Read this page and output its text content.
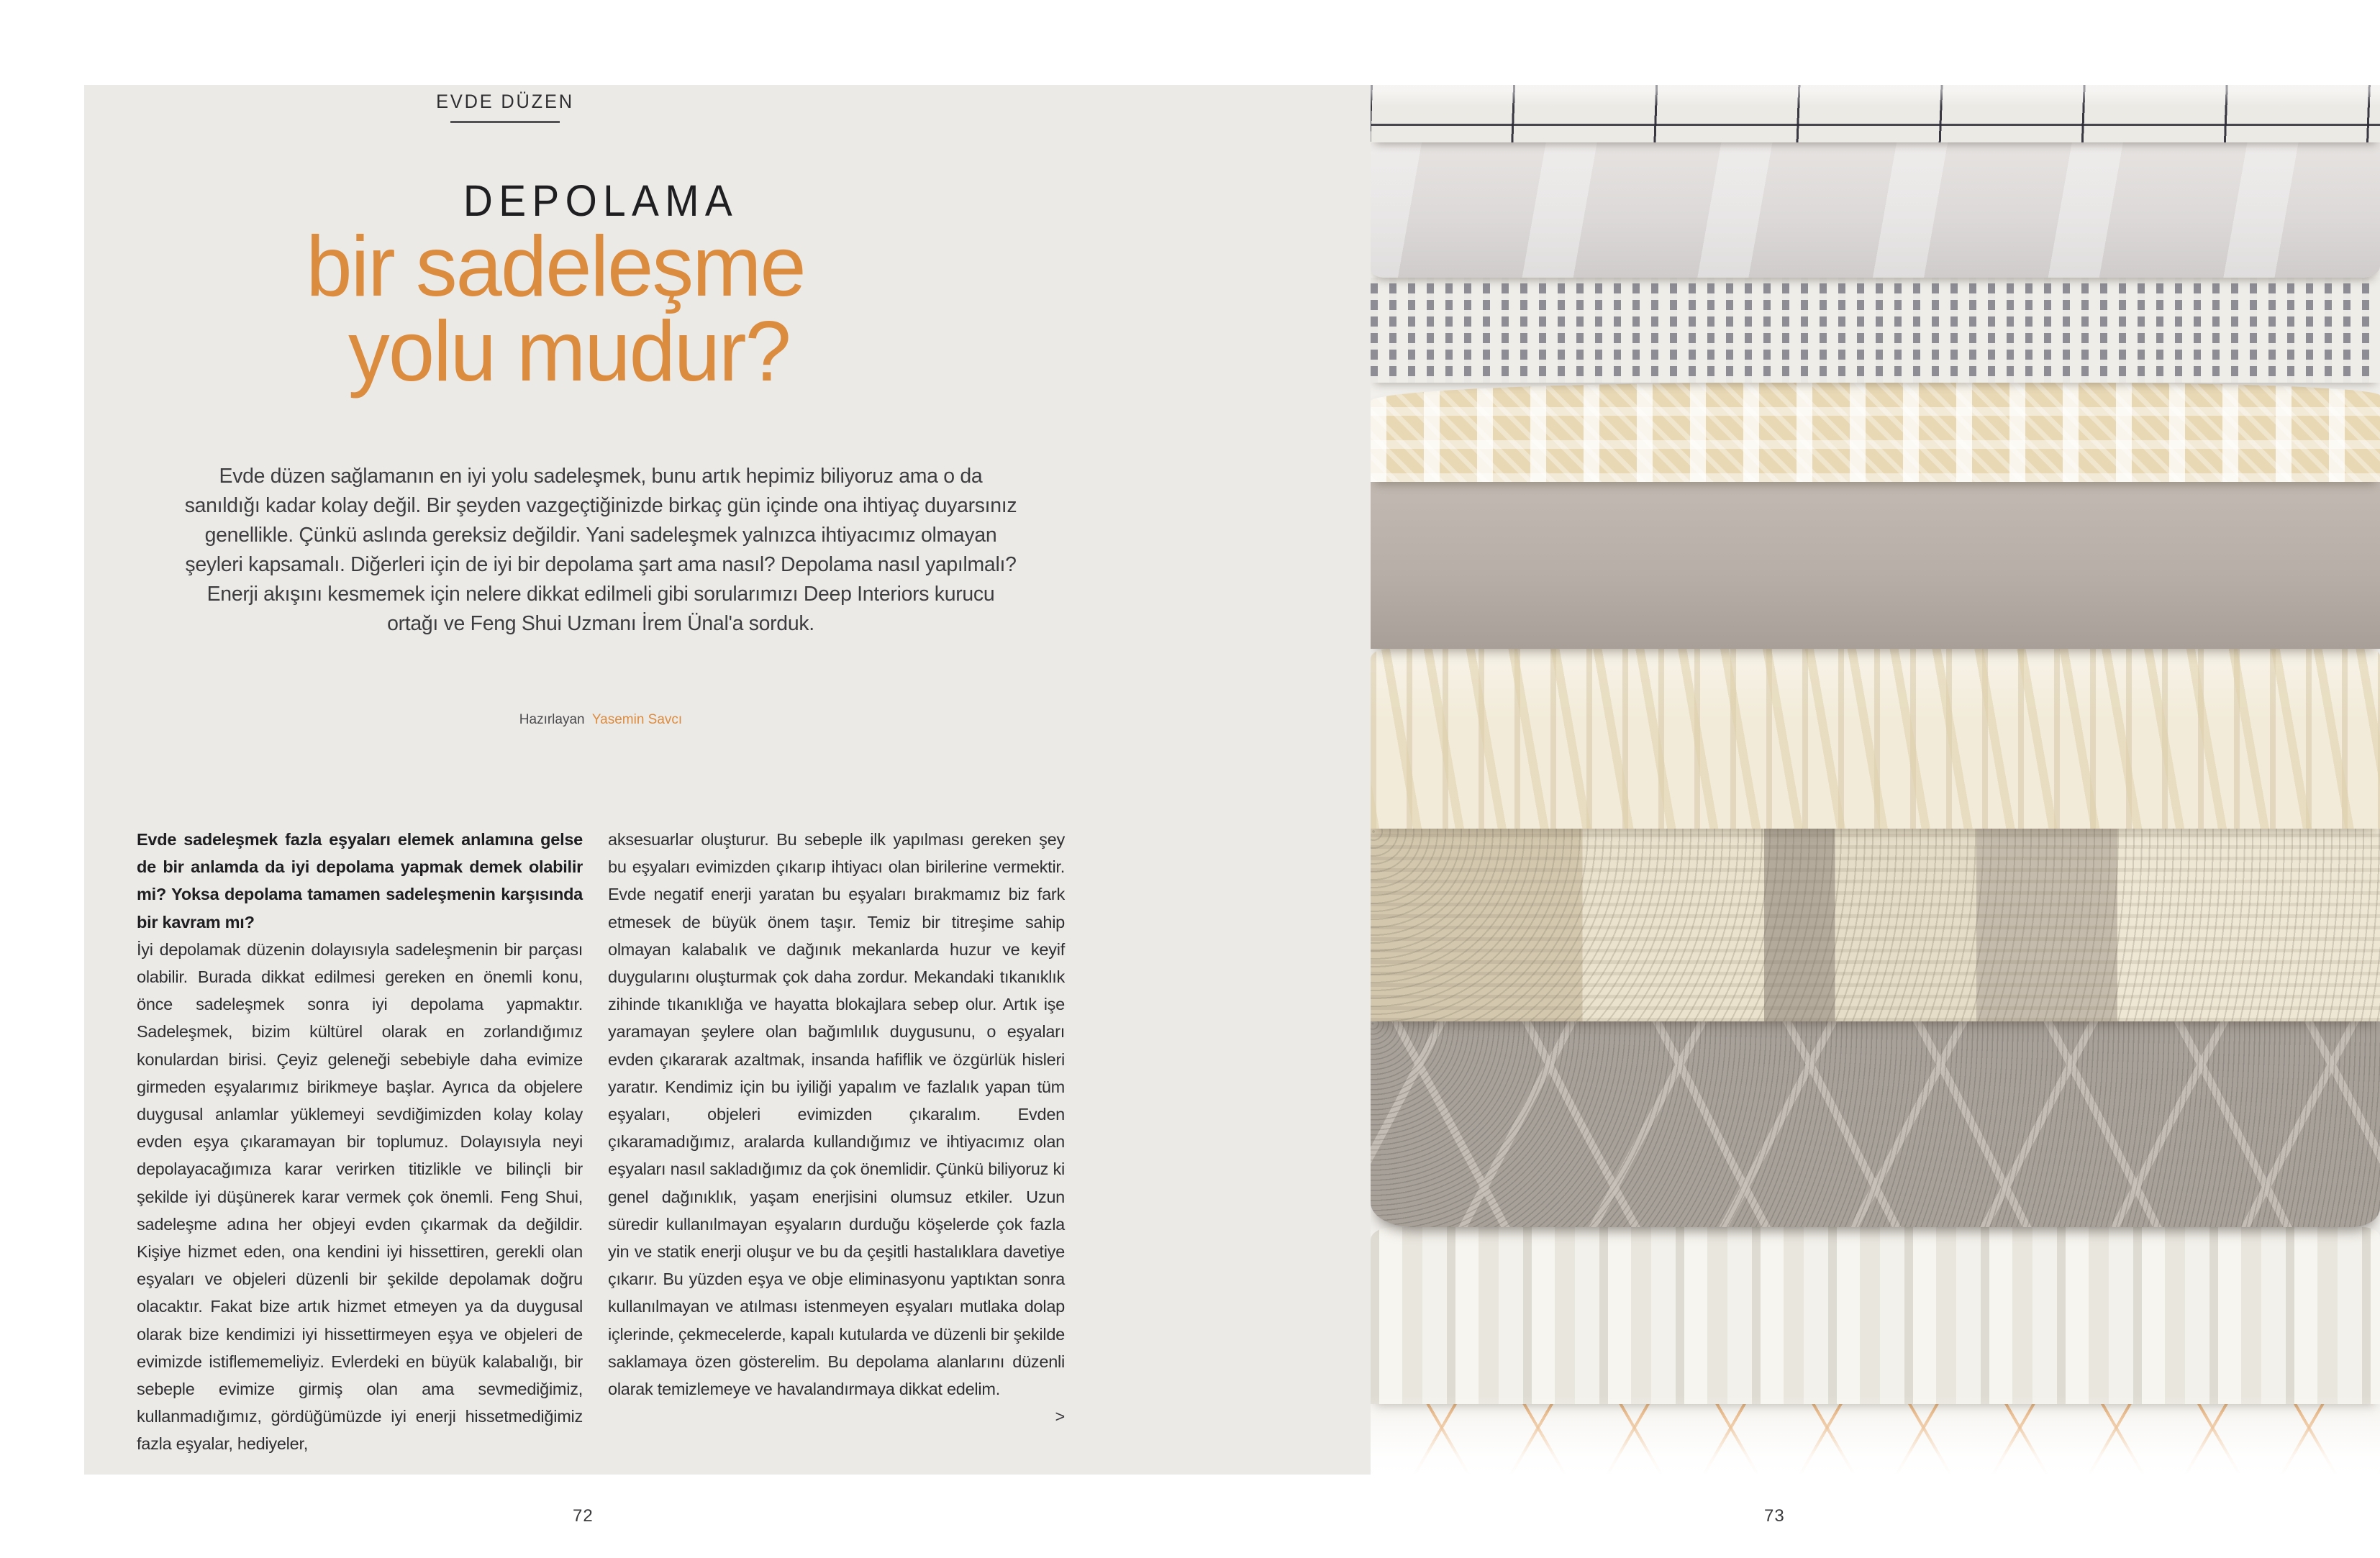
EVDE DÜZEN
DEPOLAMA
bir sadeleşme
yolu mudur?
Evde düzen sağlamanın en iyi yolu sadeleşmek, bunu artık hepimiz biliyoruz ama o da sanıldığı kadar kolay değil. Bir şeyden vazgeçtiğinizde birkaç gün içinde ona ihtiyaç duyarsınız genellikle. Çünkü aslında gereksiz değildir. Yani sadeleşmek yalnızca ihtiyacımız olmayan şeyleri kapsamalı. Diğerleri için de iyi bir depolama şart ama nasıl? Depolama nasıl yapılmalı? Enerji akışını kesmemek için nelere dikkat edilmeli gibi sorularımızı Deep Interiors kurucu ortağı ve Feng Shui Uzmanı İrem Ünal'a sorduk.
Hazırlayan Yasemin Savcı

Evde sadeleşmek fazla eşyaları elemek anlamına gelse de bir anlamda da iyi depolama yapmak demek olabilir mi? Yoksa depolama tamamen sadeleşmenin karşısında bir kavram mı?

İyi depolamak düzenin dolayısıyla sadeleşmenin bir parçası olabilir. Burada dikkat edilmesi gereken en önemli konu, önce sadeleşmek sonra iyi depolama yapmaktır. Sadeleşmek, bizim kültürel olarak en zorlandığımız konulardan birisi. Çeyiz geleneği sebebiyle daha evimize girmeden eşyalarımız birikmeye başlar. Ayrıca da objelere duygusal anlamlar yüklemeyi sevdiğimizden kolay kolay evden eşya çıkaramayan bir toplumuz. Dolayısıyla neyi depolayacağımıza karar verirken titizlikle ve bilinçli bir şekilde iyi düşünerek karar vermek çok önemli. Feng Shui, sadeleşme adına her objeyi evden çıkarmak da değildir. Kişiye hizmet eden, ona kendini iyi hissettiren, gerekli olan eşyaları ve objeleri düzenli bir şekilde depolamak doğru olacaktır. Fakat bize artık hizmet etmeyen ya da duygusal olarak bize kendimizi iyi hissettirmeyen eşya ve objeleri de evimizde istiflememeliyiz. Evlerdeki en büyük kalabalığı, bir sebeple evimize girmiş olan ama sevmediğimiz, kullanmadığımız, gördüğümüzde iyi enerji hissetmediğimiz fazla eşyalar, hediyeler,

aksesuarlar oluşturur. Bu sebeple ilk yapılması gereken şey bu eşyaları evimizden çıkarıp ihtiyacı olan birilerine vermektir. Evde negatif enerji yaratan bu eşyaları bırakmamız biz fark etmesek de büyük önem taşır. Temiz bir titreşime sahip olmayan kalabalık ve dağınık mekanlarda huzur ve keyif duygularını oluşturmak çok daha zordur. Mekandaki tıkanıklık zihinde tıkanıklığa ve hayatta blokajlara sebep olur. Artık işe yaramayan şeylere olan bağımlılık duygusunu, o eşyaları evden çıkararak azaltmak, insanda hafiflik ve özgürlük hisleri yaratır. Kendimiz için bu iyiliği yapalım ve fazlalık yapan tüm eşyaları, objeleri evimizden çıkaralım. Evden çıkaramadığımız, aralarda kullandığımız ve ihtiyacımız olan eşyaları nasıl sakladığımız da çok önemlidir. Çünkü biliyoruz ki genel dağınıklık, yaşam enerjisini olumsuz etkiler. Uzun süredir kullanılmayan eşyaların durduğu köşelerde çok fazla yin ve statik enerji oluşur ve bu da çeşitli hastalıklara davetiye çıkarır. Bu yüzden eşya ve obje eliminasyonu yaptıktan sonra kullanılmayan ve atılması istenmeyen eşyaları mutlaka dolap içlerinde, çekmecelerde, kapalı kutularda ve düzenli bir şekilde saklamaya özen gösterelim. Bu depolama alanlarını düzenli olarak temizlemeye ve havalandırmaya dikkat edelim.

>
72	73
